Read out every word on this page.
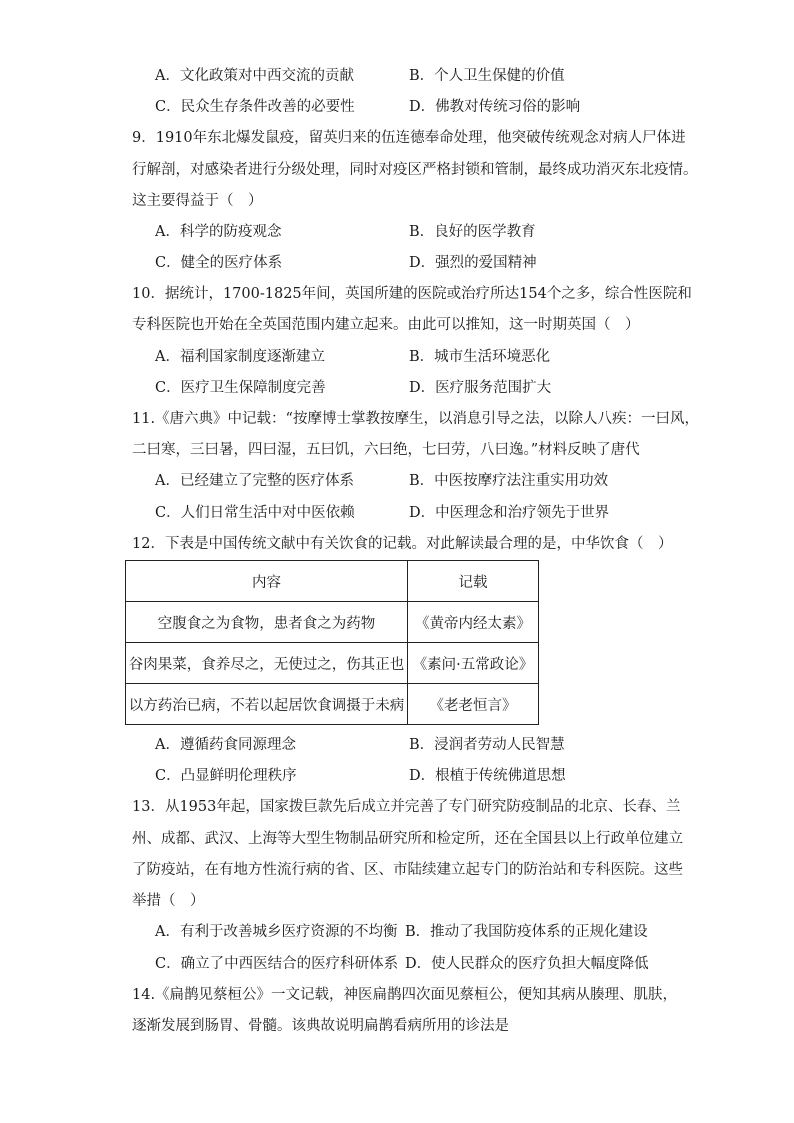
A．文化政策对中西交流的贡献	B．个人卫生保健的价值
C．民众生存条件改善的必要性	D．佛教对传统习俗的影响
9．1910年东北爆发鼠疫，留英归来的伍连德奉命处理，他突破传统观念对病人尸体进
行解剖，对感染者进行分级处理，同时对疫区严格封锁和管制，最终成功消灭东北疫情。
这主要得益于（　）
A．科学的防疫观念	B．良好的医学教育
C．健全的医疗体系	D．强烈的爱国精神
10．据统计，1700-1825年间，英国所建的医院或治疗所达154个之多，综合性医院和
专科医院也开始在全英国范围内建立起来。由此可以推知，这一时期英国（　）
A．福利国家制度逐渐建立	B．城市生活环境恶化
C．医疗卫生保障制度完善	D．医疗服务范围扩大
11.《唐六典》中记载：“按摩博士掌教按摩生，以消息引导之法，以除人八疾：一曰风，
二曰寒，三曰暑，四曰湿，五曰饥，六曰绝，七曰劳，八曰逸。”材料反映了唐代
A．已经建立了完整的医疗体系	B．中医按摩疗法注重实用功效
C．人们日常生活中对中医依赖	D．中医理念和治疗领先于世界
12．下表是中国传统文献中有关饮食的记载。对此解读最合理的是，中华饮食（　）
内容	记载
空腹食之为食物，患者食之为药物	《黄帝内经太素》
谷肉果菜，食养尽之，无使过之，伤其正也	《素问·五常政论》
以方药治已病，不若以起居饮食调摄于未病	《老老恒言》
A．遵循药食同源理念	B．浸润者劳动人民智慧
C．凸显鲜明伦理秩序	D．根植于传统佛道思想
13．从1953年起，国家拨巨款先后成立并完善了专门研究防疫制品的北京、长春、兰
州、成都、武汉、上海等大型生物制品研究所和检定所，还在全国县以上行政单位建立
了防疫站，在有地方性流行病的省、区、市陆续建立起专门的防治站和专科医院。这些
举措（　）
A．有利于改善城乡医疗资源的不均衡 B．推动了我国防疫体系的正规化建设
C．确立了中西医结合的医疗科研体系 D．使人民群众的医疗负担大幅度降低
14.《扁鹊见蔡桓公》一文记载，神医扁鹊四次面见蔡桓公，便知其病从腠理、肌肤，
逐渐发展到肠胃、骨髓。该典故说明扁鹊看病所用的诊法是
